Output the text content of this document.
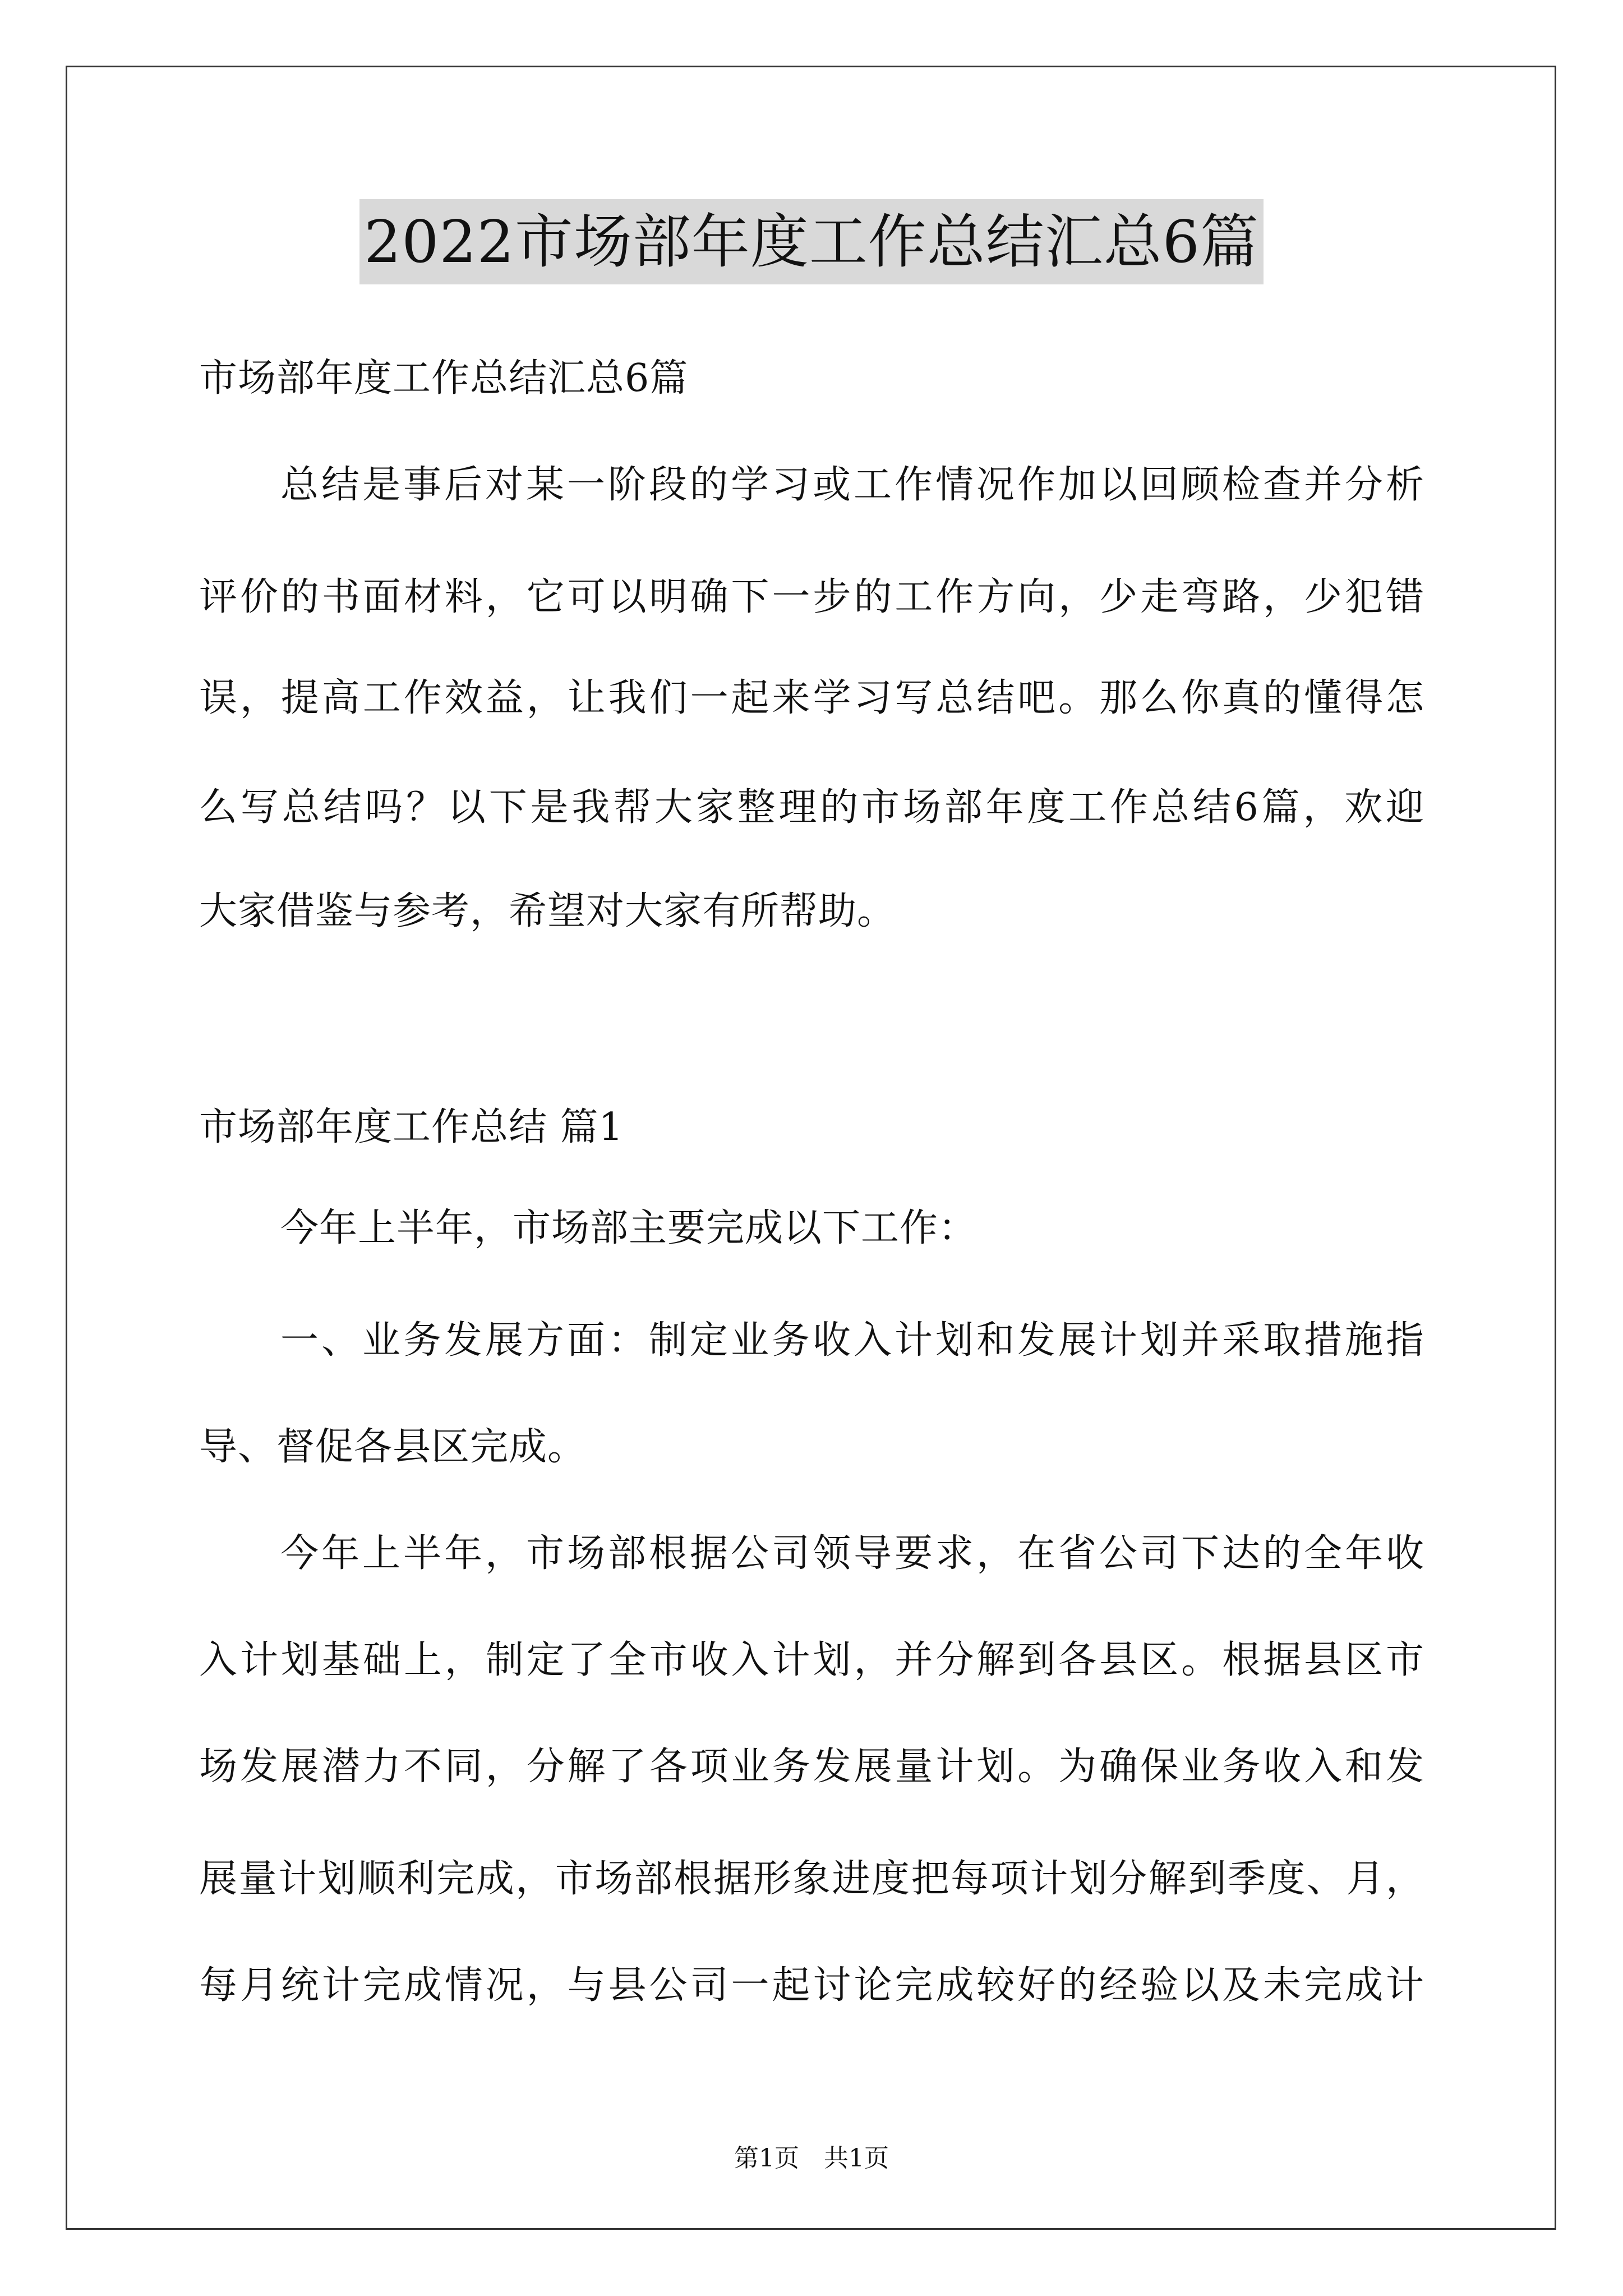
2022市场部年度工作总结汇总6篇
市场部年度工作总结汇总6篇
总结是事后对某一阶段的学习或工作情况作加以回顾检查并分析
评价的书面材料，它可以明确下一步的工作方向，少走弯路，少犯错
误，提高工作效益，让我们一起来学习写总结吧。那么你真的懂得怎
么写总结吗？以下是我帮大家整理的市场部年度工作总结6篇，欢迎
大家借鉴与参考，希望对大家有所帮助。
市场部年度工作总结 篇1
今年上半年，市场部主要完成以下工作：
一、业务发展方面：制定业务收入计划和发展计划并采取措施指
导、督促各县区完成。
今年上半年，市场部根据公司领导要求，在省公司下达的全年收
入计划基础上，制定了全市收入计划，并分解到各县区。根据县区市
场发展潜力不同，分解了各项业务发展量计划。为确保业务收入和发
展量计划顺利完成，市场部根据形象进度把每项计划分解到季度、月，
每月统计完成情况，与县公司一起讨论完成较好的经验以及未完成计
第1页　共1页
